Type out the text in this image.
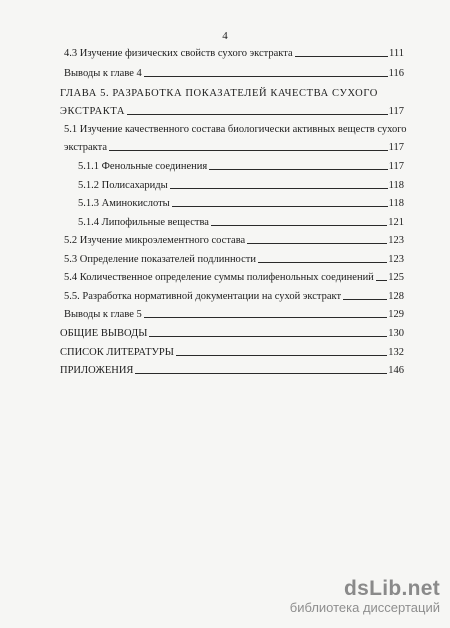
4
4.3 Изучение физических свойств сухого экстракта	111
Выводы к главе 4	116
ГЛАВА 5. РАЗРАБОТКА ПОКАЗАТЕЛЕЙ КАЧЕСТВА СУХОГО
ЭКСТРАКТА	117
5.1 Изучение качественного состава биологически активных веществ сухого
экстракта	117
5.1.1 Фенольные соединения	117
5.1.2 Полисахариды	118
5.1.3 Аминокислоты	118
5.1.4 Липофильные вещества	121
5.2 Изучение микроэлементного состава	123
5.3 Определение показателей подлинности	123
5.4 Количественное определение суммы полифенольных соединений 125
5.5. Разработка нормативной документации на сухой экстракт	128
Выводы к главе 5	129
ОБЩИЕ ВЫВОДЫ	130
СПИСОК ЛИТЕРАТУРЫ	132
ПРИЛОЖЕНИЯ	146
dsLib.net
библиотека диссертаций
